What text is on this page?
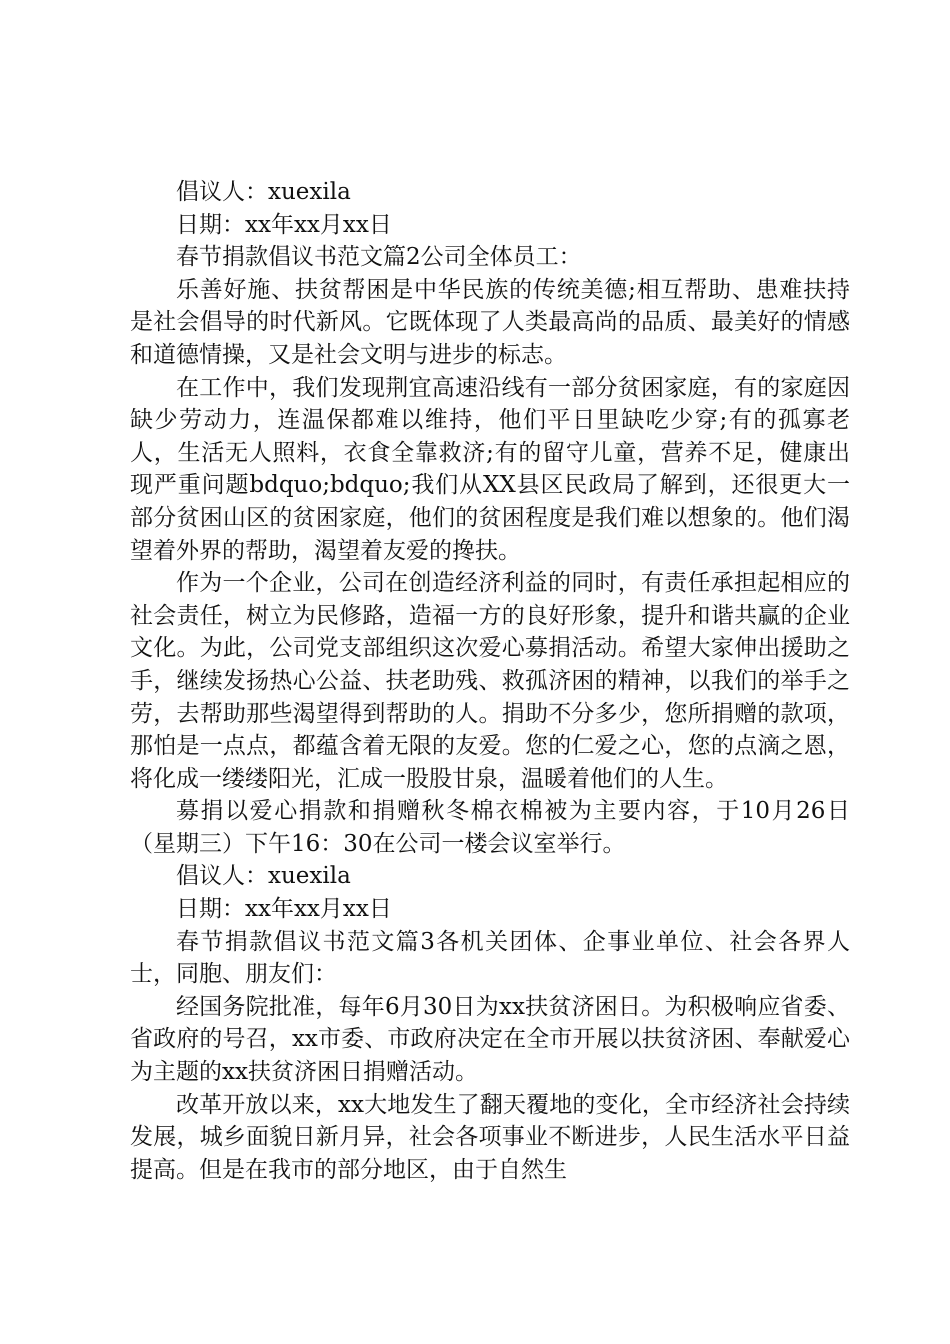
倡议人：xuexila

日期：xx年xx月xx日

春节捐款倡议书范文篇2公司全体员工：

乐善好施、扶贫帮困是中华民族的传统美德;相互帮助、患难扶持是社会倡导的时代新风。它既体现了人类最高尚的品质、最美好的情感和道德情操，又是社会文明与进步的标志。

在工作中，我们发现荆宜高速沿线有一部分贫困家庭，有的家庭因缺少劳动力，连温保都难以维持，他们平日里缺吃少穿;有的孤寡老人，生活无人照料，衣食全靠救济;有的留守儿童，营养不足，健康出现严重问题bdquo;bdquo;我们从XX县区民政局了解到，还很更大一部分贫困山区的贫困家庭，他们的贫困程度是我们难以想象的。他们渴望着外界的帮助，渴望着友爱的搀扶。

作为一个企业，公司在创造经济利益的同时，有责任承担起相应的社会责任，树立为民修路，造福一方的良好形象，提升和谐共赢的企业文化。为此，公司党支部组织这次爱心募捐活动。希望大家伸出援助之手，继续发扬热心公益、扶老助残、救孤济困的精神，以我们的举手之劳，去帮助那些渴望得到帮助的人。捐助不分多少，您所捐赠的款项，那怕是一点点，都蕴含着无限的友爱。您的仁爱之心，您的点滴之恩，将化成一缕缕阳光，汇成一股股甘泉，温暖着他们的人生。

募捐以爱心捐款和捐赠秋冬棉衣棉被为主要内容，于10月26日（星期三）下午16：30在公司一楼会议室举行。

倡议人：xuexila

日期：xx年xx月xx日

春节捐款倡议书范文篇3各机关团体、企事业单位、社会各界人士，同胞、朋友们：

经国务院批准，每年6月30日为xx扶贫济困日。为积极响应省委、省政府的号召，xx市委、市政府决定在全市开展以扶贫济困、奉献爱心为主题的xx扶贫济困日捐赠活动。

改革开放以来，xx大地发生了翻天覆地的变化，全市经济社会持续发展，城乡面貌日新月异，社会各项事业不断进步，人民生活水平日益提高。但是在我市的部分地区，由于自然生
